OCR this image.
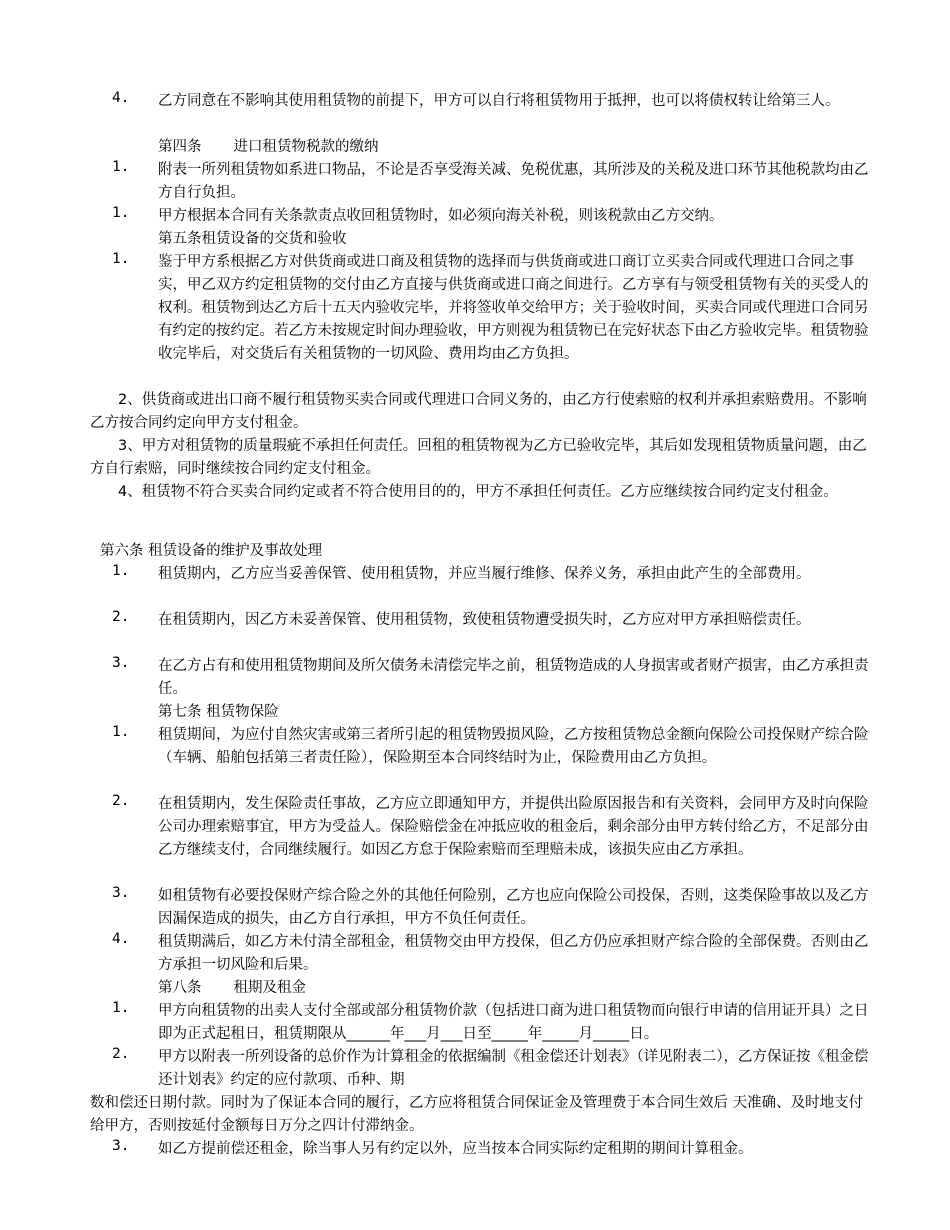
4.	乙方同意在不影响其使用租赁物的前提下，甲方可以自行将租赁物用于抵押，也可以将债权转让给第三人。
第四条 进口租赁物税款的缴纳
1.	附表一所列租赁物如系进口物品，不论是否享受海关减、免税优惠，其所涉及的关税及进口环节其他税款均由乙方自行负担。
1.	甲方根据本合同有关条款责点收回租赁物时，如必须向海关补税，则该税款由乙方交纳。
第五条租赁设备的交货和验收
1.	鉴于甲方系根据乙方对供货商或进口商及租赁物的选择而与供货商或进口商订立买卖合同或代理进口合同之事实，甲乙双方约定租赁物的交付由乙方直接与供货商或进口商之间进行。乙方享有与领受租赁物有关的买受人的权利。租赁物到达乙方后十五天内验收完毕，并将签收单交给甲方；关于验收时间，买卖合同或代理进口合同另有约定的按约定。若乙方未按规定时间办理验收，甲方则视为租赁物已在完好状态下由乙方验收完毕。租赁物验收完毕后，对交货后有关租赁物的一切风险、费用均由乙方负担。
2、供货商或进出口商不履行租赁物买卖合同或代理进口合同义务的，由乙方行使索赔的权利并承担索赔费用。不影响乙方按合同约定向甲方支付租金。
3、甲方对租赁物的质量瑕疵不承担任何责任。回租的租赁物视为乙方已验收完毕，其后如发现租赁物质量问题，由乙方自行索赔，同时继续按合同约定支付租金。
4、租赁物不符合买卖合同约定或者不符合使用目的的，甲方不承担任何责任。乙方应继续按合同约定支付租金。
第六条 租赁设备的维护及事故处理
1.	租赁期内，乙方应当妥善保管、使用租赁物，并应当履行维修、保养义务，承担由此产生的全部费用。
2.	在租赁期内，因乙方未妥善保管、使用租赁物，致使租赁物遭受损失时，乙方应对甲方承担赔偿责任。
3.	在乙方占有和使用租赁物期间及所欠债务未清偿完毕之前，租赁物造成的人身损害或者财产损害，由乙方承担责任。
第七条 租赁物保险
1.	租赁期间，为应付自然灾害或第三者所引起的租赁物毁损风险，乙方按租赁物总金额向保险公司投保财产综合险（车辆、船舶包括第三者责任险），保险期至本合同终结时为止，保险费用由乙方负担。
2.	在租赁期内，发生保险责任事故，乙方应立即通知甲方，并提供出险原因报告和有关资料，会同甲方及时向保险公司办理索赔事宜，甲方为受益人。保险赔偿金在冲抵应收的租金后，剩余部分由甲方转付给乙方，不足部分由乙方继续支付，合同继续履行。如因乙方怠于保险索赔而至理赔未成，该损失应由乙方承担。
3.	如租赁物有必要投保财产综合险之外的其他任何险别，乙方也应向保险公司投保，否则，这类保险事故以及乙方因漏保造成的损失，由乙方自行承担，甲方不负任何责任。
4.	租赁期满后，如乙方未付清全部租金，租赁物交由甲方投保，但乙方仍应承担财产综合险的全部保费。否则由乙方承担一切风险和后果。
第八条 租期及租金
1.	甲方向租赁物的出卖人支付全部或部分租赁物价款（包括进口商为进口租赁物而向银行申请的信用证开具）之日即为正式起租日，租赁期限从______年___月___日至_____年_____月_____日。
2.	甲方以附表一所列设备的总价作为计算租金的依据编制《租金偿还计划表》（详见附表二），乙方保证按《租金偿还计划表》约定的应付款项、币种、期
数和偿还日期付款。同时为了保证本合同的履行，乙方应将租赁合同保证金及管理费于本合同生效后 天准确、及时地支付给甲方，否则按延付金额每日万分之四计付滞纳金。
3.	如乙方提前偿还租金，除当事人另有约定以外，应当按本合同实际约定租期的期间计算租金。
